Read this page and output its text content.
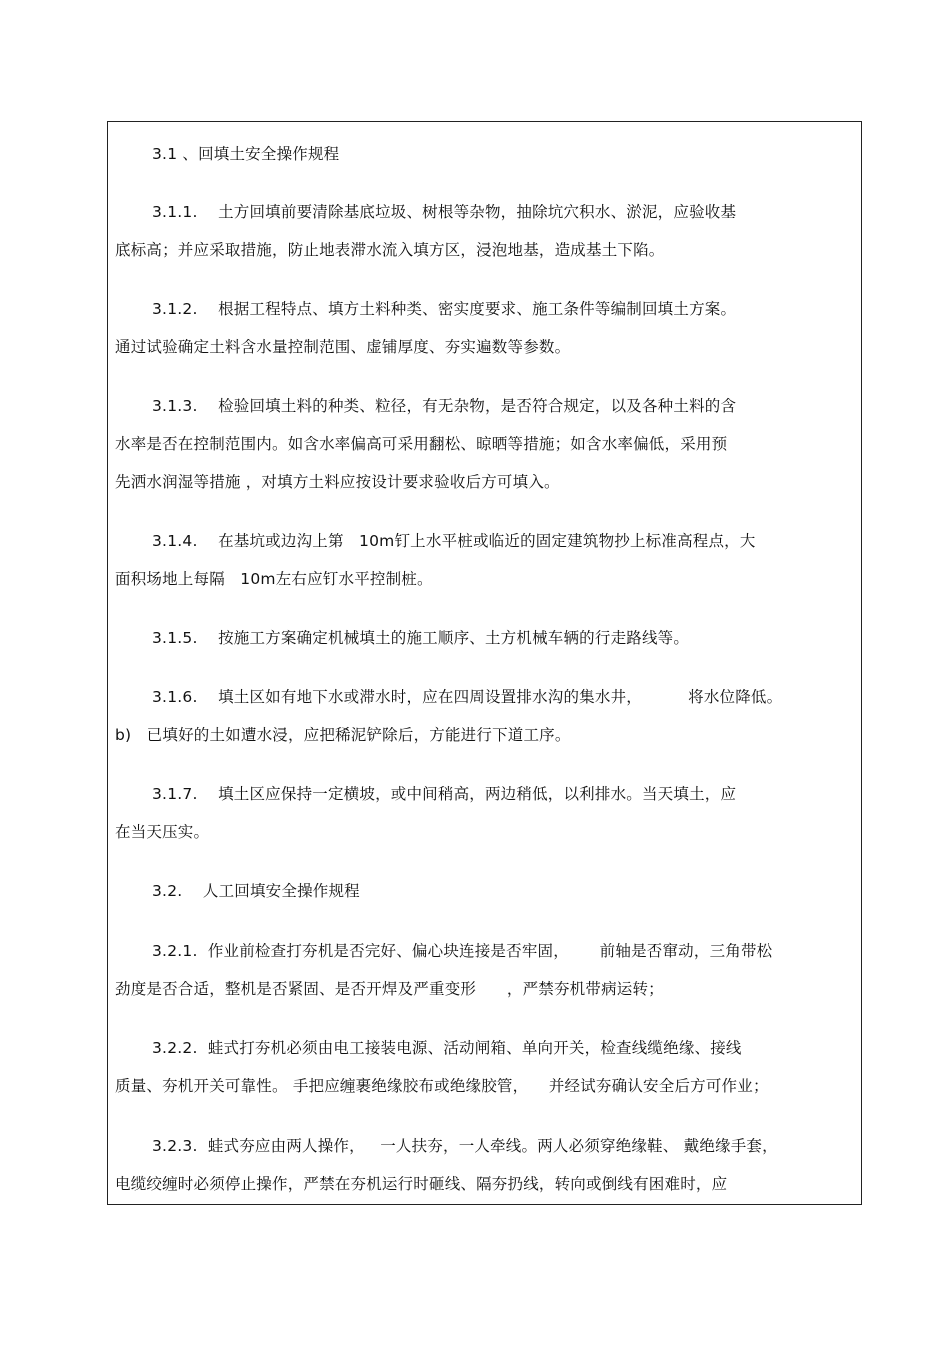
3.1 、回填土安全操作规程
3.1.1.    土方回填前要清除基底垃圾、树根等杂物，抽除坑穴积水、淤泥，应验收基
底标高；并应采取措施，防止地表滞水流入填方区，浸泡地基，造成基土下陷。
3.1.2.    根据工程特点、填方土料种类、密实度要求、施工条件等编制回填土方案。
通过试验确定土料含水量控制范围、虚铺厚度、夯实遍数等参数。
3.1.3.    检验回填土料的种类、粒径，有无杂物，是否符合规定，以及各种土料的含
水率是否在控制范围内。如含水率偏高可采用翻松、晾晒等措施；如含水率偏低，采用预
先洒水润湿等措施 ，对填方土料应按设计要求验收后方可填入。
3.1.4.    在基坑或边沟上第   10m钉上水平桩或临近的固定建筑物抄上标准高程点，大
面积场地上每隔   10m左右应钉水平控制桩。
3.1.5.    按施工方案确定机械填土的施工顺序、土方机械车辆的行走路线等。
3.1.6.    填土区如有地下水或滞水时，应在四周设置排水沟的集水井，         将水位降低。
b)   已填好的土如遭水浸，应把稀泥铲除后，方能进行下道工序。
3.1.7.    填土区应保持一定横坡，或中间稍高，两边稍低，以利排水。当天填土，应
在当天压实。
3.2.    人工回填安全操作规程
3.2.1.  作业前检查打夯机是否完好、偏心块连接是否牢固，      前轴是否窜动，三角带松
劲度是否合适，整机是否紧固、是否开焊及严重变形      ，严禁夯机带病运转；
3.2.2.  蛙式打夯机必须由电工接装电源、活动闸箱、单向开关，检查线缆绝缘、接线
质量、夯机开关可靠性。 手把应缠裹绝缘胶布或绝缘胶管，    并经试夯确认安全后方可作业；
3.2.3.  蛙式夯应由两人操作，   一人扶夯，一人牵线。两人必须穿绝缘鞋、 戴绝缘手套，
电缆绞缠时必须停止操作，严禁在夯机运行时砸线、隔夯扔线，转向或倒线有困难时，应
